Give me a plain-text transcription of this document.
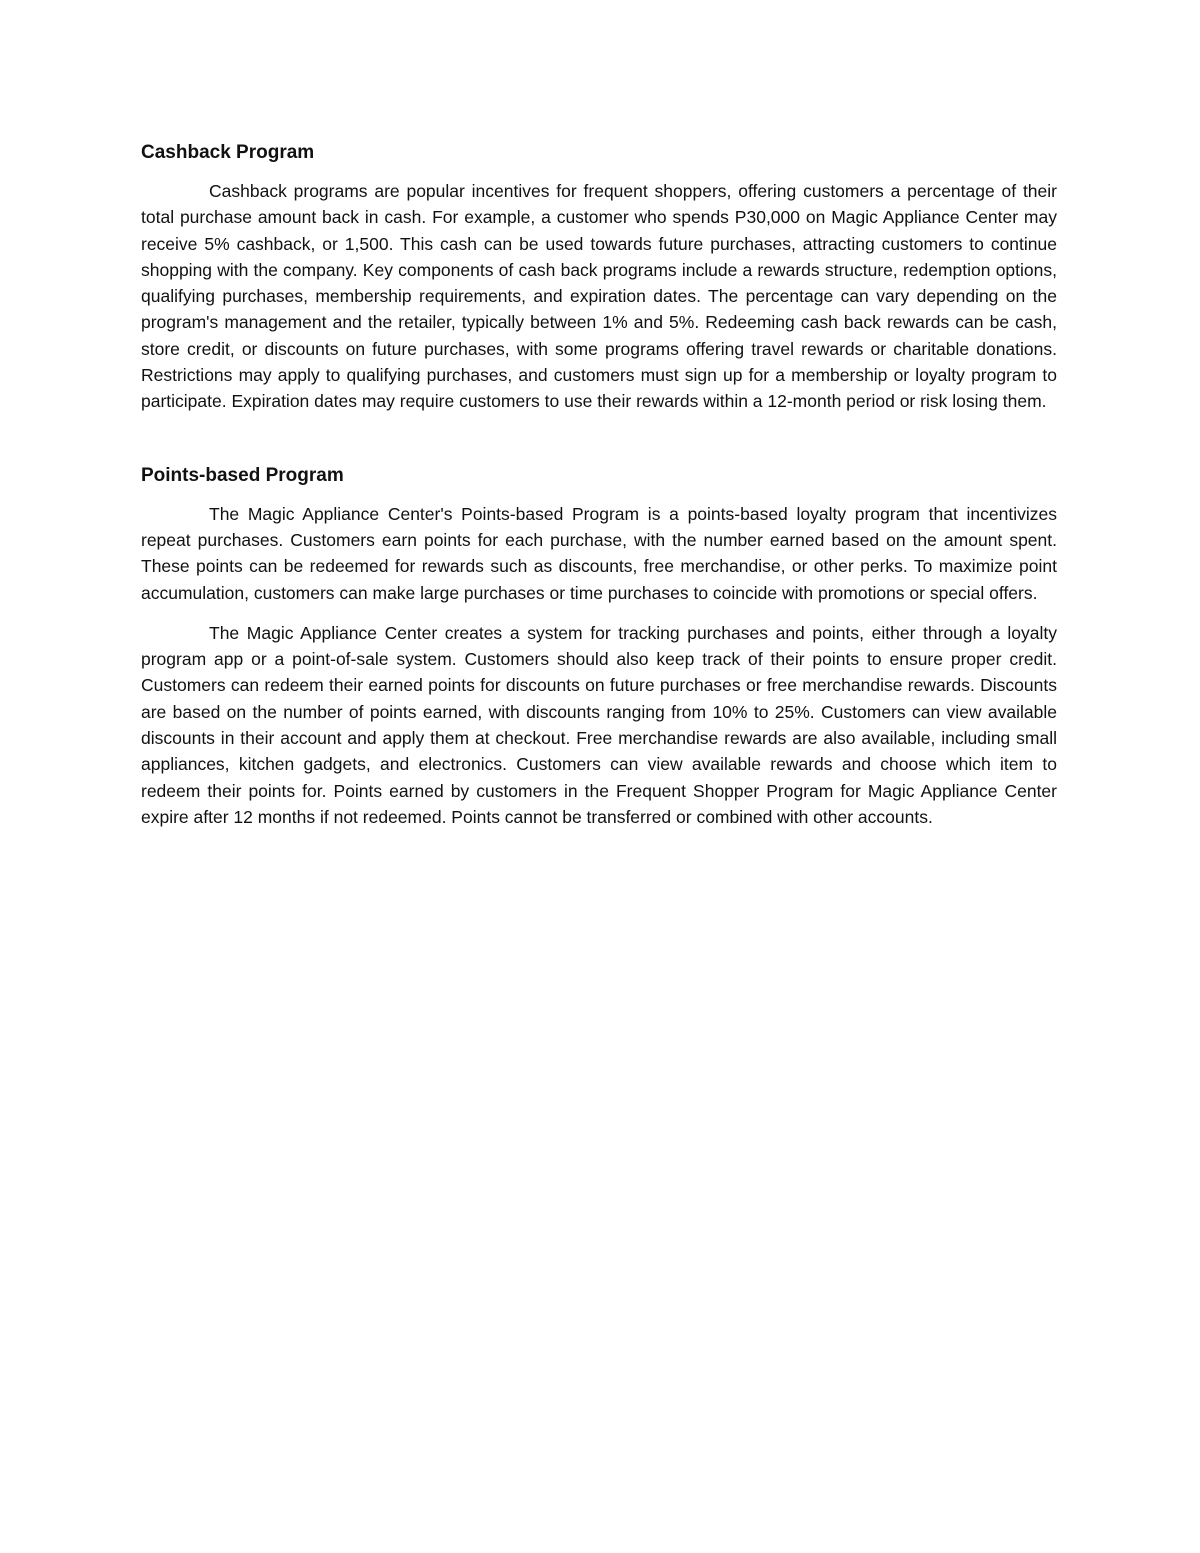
Cashback Program

Cashback programs are popular incentives for frequent shoppers, offering customers a percentage of their total purchase amount back in cash. For example, a customer who spends P30,000 on Magic Appliance Center may receive 5% cashback, or 1,500. This cash can be used towards future purchases, attracting customers to continue shopping with the company. Key components of cash back programs include a rewards structure, redemption options, qualifying purchases, membership requirements, and expiration dates. The percentage can vary depending on the program's management and the retailer, typically between 1% and 5%. Redeeming cash back rewards can be cash, store credit, or discounts on future purchases, with some programs offering travel rewards or charitable donations. Restrictions may apply to qualifying purchases, and customers must sign up for a membership or loyalty program to participate. Expiration dates may require customers to use their rewards within a 12-month period or risk losing them.

Points-based Program

The Magic Appliance Center's Points-based Program is a points-based loyalty program that incentivizes repeat purchases. Customers earn points for each purchase, with the number earned based on the amount spent. These points can be redeemed for rewards such as discounts, free merchandise, or other perks. To maximize point accumulation, customers can make large purchases or time purchases to coincide with promotions or special offers.

The Magic Appliance Center creates a system for tracking purchases and points, either through a loyalty program app or a point-of-sale system. Customers should also keep track of their points to ensure proper credit. Customers can redeem their earned points for discounts on future purchases or free merchandise rewards. Discounts are based on the number of points earned, with discounts ranging from 10% to 25%. Customers can view available discounts in their account and apply them at checkout. Free merchandise rewards are also available, including small appliances, kitchen gadgets, and electronics. Customers can view available rewards and choose which item to redeem their points for. Points earned by customers in the Frequent Shopper Program for Magic Appliance Center expire after 12 months if not redeemed. Points cannot be transferred or combined with other accounts.
